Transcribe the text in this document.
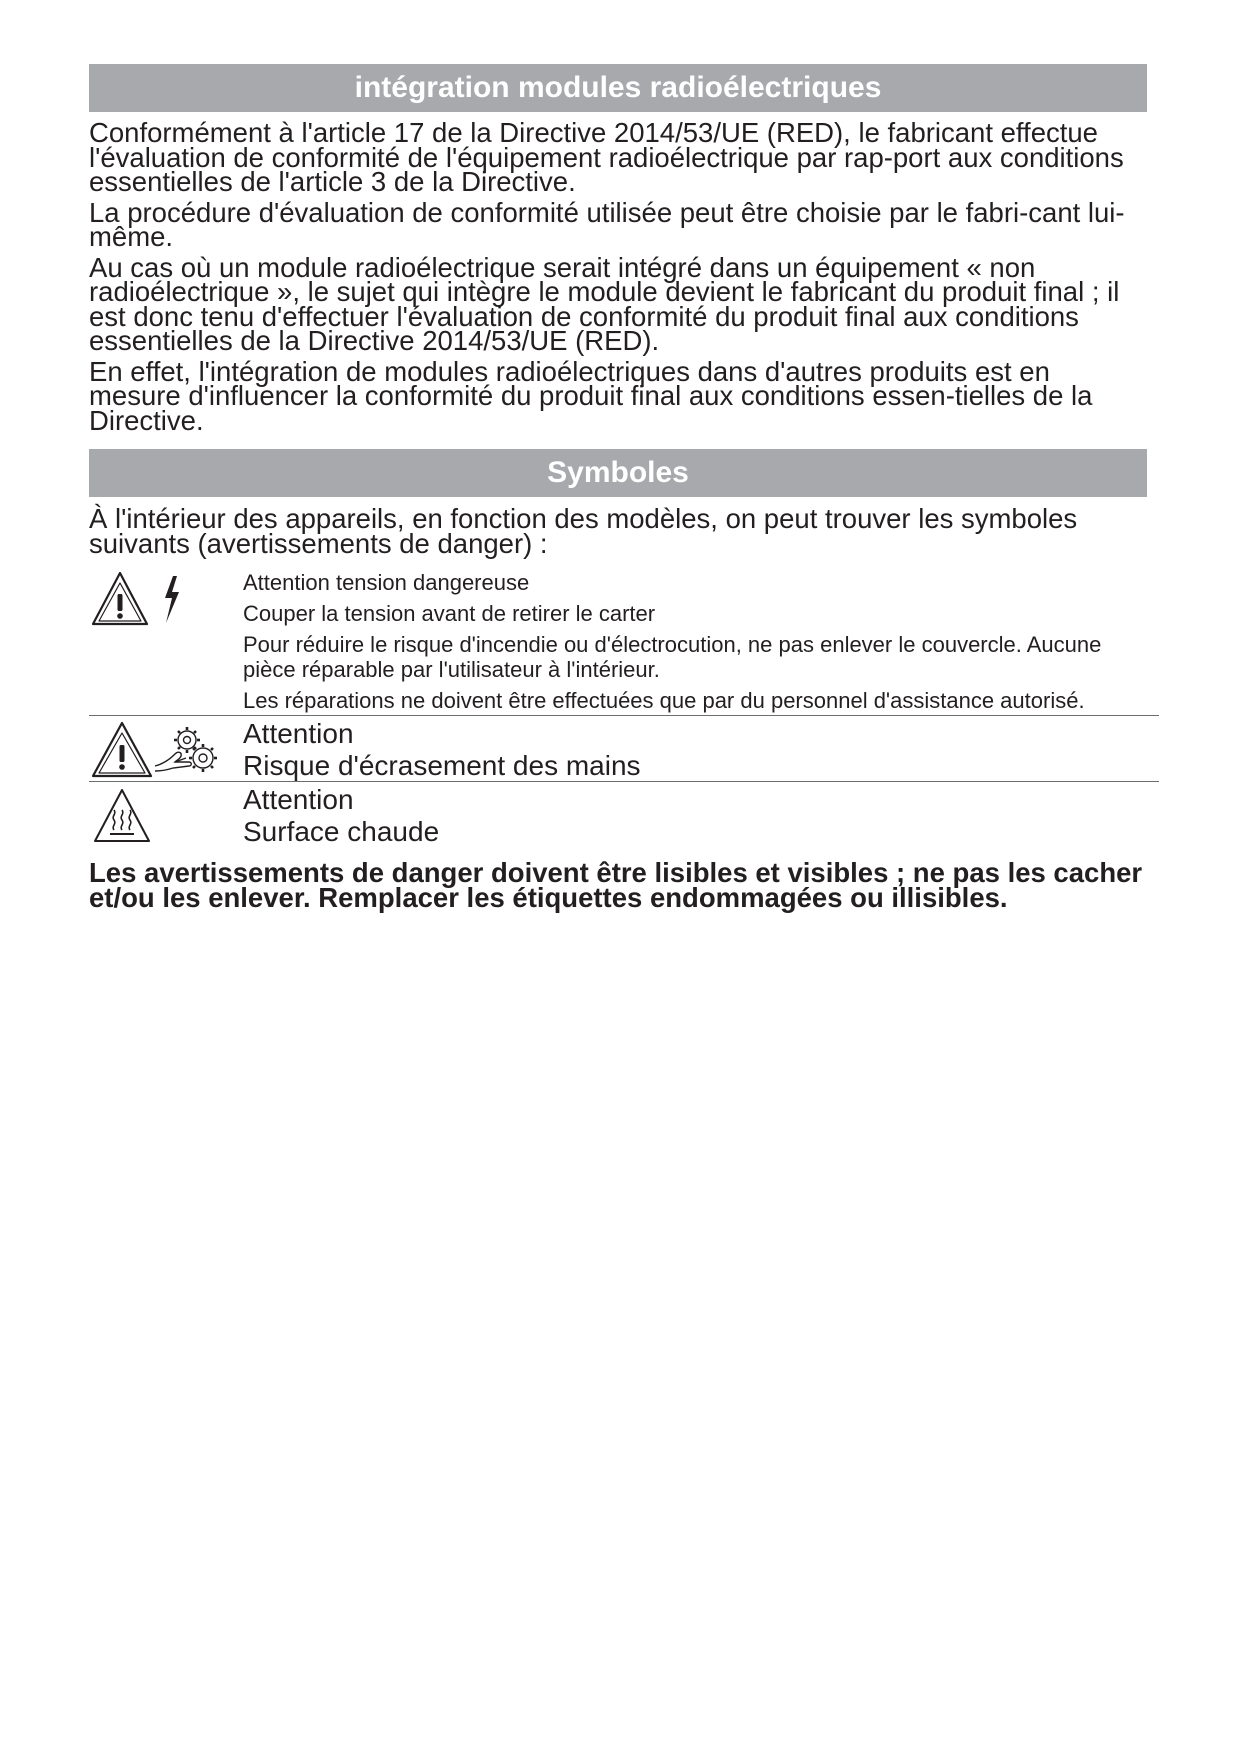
intégration modules radioélectriques

Conformément à l'article 17 de la Directive 2014/53/UE (RED), le fabricant effectue l'évaluation de conformité de l'équipement radioélectrique par rap-port aux conditions essentielles de l'article 3 de la Directive.

La procédure d'évaluation de conformité utilisée peut être choisie par le fabri-cant lui-même.

Au cas où un module radioélectrique serait intégré dans un équipement « non radioélectrique », le sujet qui intègre le module devient le fabricant du produit final ; il est donc tenu d'effectuer l'évaluation de conformité du produit final aux conditions essentielles de la Directive 2014/53/UE (RED).

En effet, l'intégration de modules radioélectriques dans d'autres produits est en mesure d'influencer la conformité du produit final aux conditions essen-tielles de la Directive.

Symboles
À l'intérieur des appareils, en fonction des modèles, on peut trouver les symboles suivants (avertissements de danger) :

Attention tension dangereuse

Couper la tension avant de retirer le carter

Pour réduire le risque d'incendie ou d'électrocution, ne pas enlever le couvercle. Aucune pièce réparable par l'utilisateur à l'intérieur.

Les réparations ne doivent être effectuées que par du personnel d'assistance autorisé.

Attention

Risque d'écrasement des mains

Attention

Surface chaude

Les avertissements de danger doivent être lisibles et visibles ; ne pas les cacher et/ou les enlever. Remplacer les étiquettes endommagées ou illisibles.
